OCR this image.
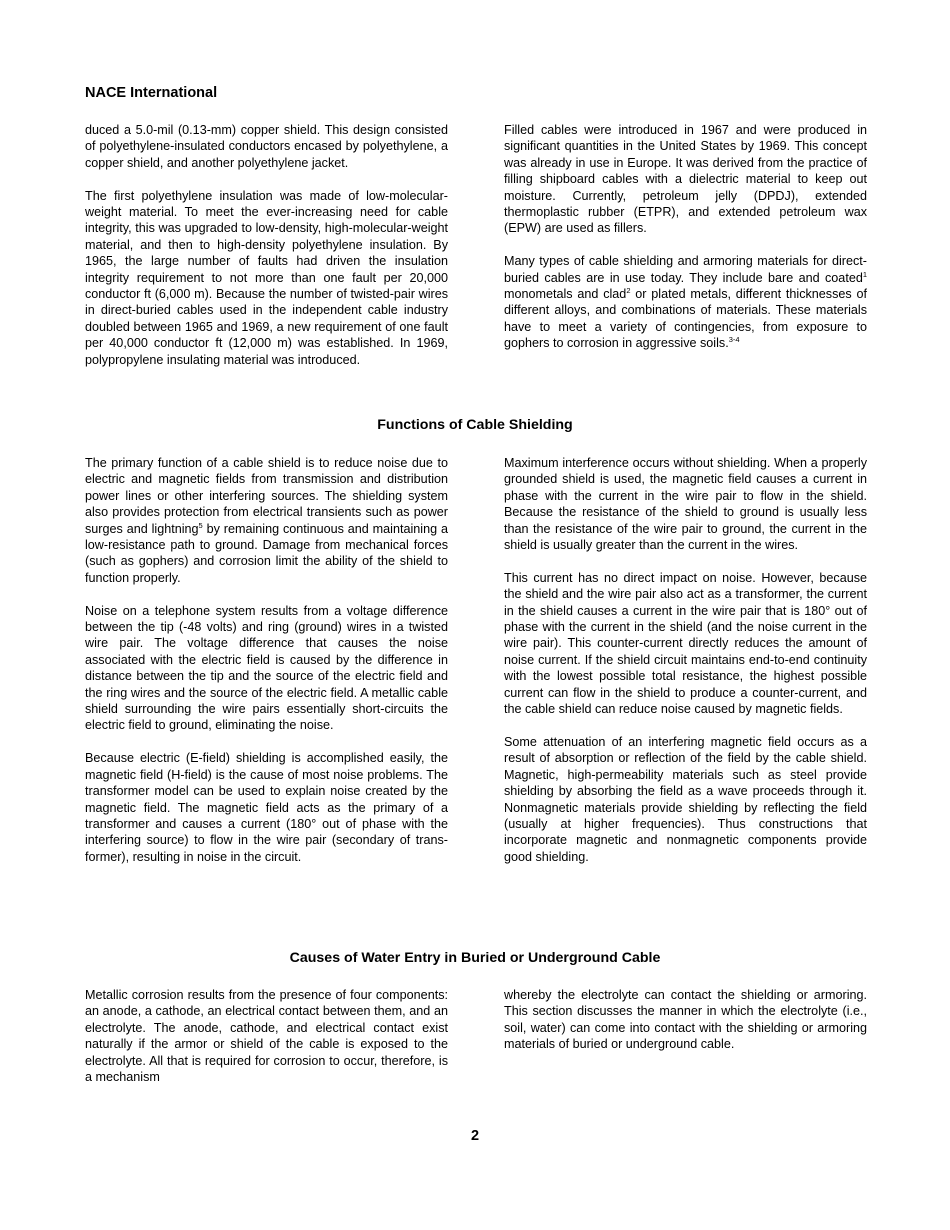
NACE International

duced a 5.0-mil (0.13-mm) copper shield. This design consisted of polyethylene-insulated conductors encased by polyethylene, a copper shield, and another polyethylene jacket.

The first polyethylene insulation was made of low-molecular-weight material. To meet the ever-increasing need for cable integrity, this was upgraded to low-density, high-molecular-weight material, and then to high-density polyethylene insulation. By 1965, the large number of faults had driven the insulation integrity requirement to not more than one fault per 20,000 conductor ft (6,000 m). Because the number of twisted-pair wires in direct-buried cables used in the independent cable industry doubled between 1965 and 1969, a new requirement of one fault per 40,000 conductor ft (12,000 m) was established. In 1969, polypropylene insulating material was introduced.

Filled cables were introduced in 1967 and were produced in significant quantities in the United States by 1969. This concept was already in use in Europe. It was derived from the practice of filling shipboard cables with a dielectric material to keep out moisture. Currently, petroleum jelly (DPDJ), extended thermoplastic rubber (ETPR), and extended petroleum wax (EPW) are used as fillers.

Many types of cable shielding and armoring materials for direct-buried cables are in use today. They include bare and coated$^1$ monometals and clad$^2$ or plated metals, different thicknesses of different alloys, and combinations of materials. These materials have to meet a variety of contingencies, from exposure to gophers to corrosion in aggressive soils.$^{3-4}$

Functions of Cable Shielding

The primary function of a cable shield is to reduce noise due to electric and magnetic fields from transmission and distribution power lines or other interfering sources. The shielding system also provides protection from electrical transients such as power surges and lightning$^5$ by remaining continuous and maintaining a low-resistance path to ground. Damage from mechanical forces (such as gophers) and corrosion limit the ability of the shield to function properly.

Noise on a telephone system results from a voltage difference between the tip (-48 volts) and ring (ground) wires in a twisted wire pair. The voltage difference that causes the noise associated with the electric field is caused by the difference in distance between the tip and the source of the electric field and the ring wires and the source of the electric field. A metallic cable shield surrounding the wire pairs essentially short-circuits the electric field to ground, eliminating the noise.

Because electric (E-field) shielding is accomplished easily, the magnetic field (H-field) is the cause of most noise problems. The transformer model can be used to explain noise created by the magnetic field. The magnetic field acts as the primary of a transformer and causes a current (180° out of phase with the interfering source) to flow in the wire pair (secondary of transformer), resulting in noise in the circuit.

Maximum interference occurs without shielding. When a properly grounded shield is used, the magnetic field causes a current in phase with the current in the wire pair to flow in the shield. Because the resistance of the shield to ground is usually less than the resistance of the wire pair to ground, the current in the shield is usually greater than the current in the wires.

This current has no direct impact on noise. However, because the shield and the wire pair also act as a transformer, the current in the shield causes a current in the wire pair that is 180° out of phase with the current in the shield (and the noise current in the wire pair). This counter-current directly reduces the amount of noise current. If the shield circuit maintains end-to-end continuity with the lowest possible total resistance, the highest possible current can flow in the shield to produce a counter-current, and the cable shield can reduce noise caused by magnetic fields.

Some attenuation of an interfering magnetic field occurs as a result of absorption or reflection of the field by the cable shield. Magnetic, high-permeability materials such as steel provide shielding by absorbing the field as a wave proceeds through it. Nonmagnetic materials provide shielding by reflecting the field (usually at higher frequencies). Thus constructions that incorporate magnetic and nonmagnetic components provide good shielding.

Causes of Water Entry in Buried or Underground Cable

Metallic corrosion results from the presence of four components: an anode, a cathode, an electrical contact between them, and an electrolyte. The anode, cathode, and electrical contact exist naturally if the armor or shield of the cable is exposed to the electrolyte. All that is required for corrosion to occur, therefore, is a mechanism

whereby the electrolyte can contact the shielding or armoring. This section discusses the manner in which the electrolyte (i.e., soil, water) can come into contact with the shielding or armoring materials of buried or underground cable.

2
